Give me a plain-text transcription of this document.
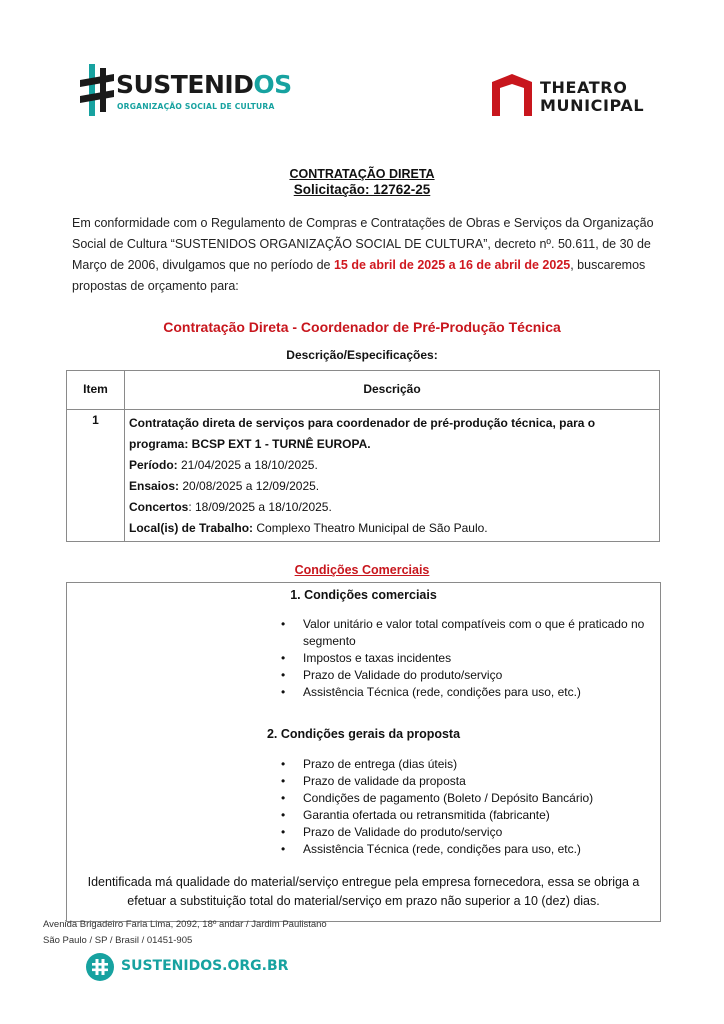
SUSTENIDOS
ORGANIZAÇÃO SOCIAL DE CULTURA
THEATRO
MUNICIPAL
CONTRATAÇÃO DIRETA
Solicitação: 12762-25
Em conformidade com o Regulamento de Compras e Contratações de Obras e Serviços da Organização Social de Cultura “SUSTENIDOS ORGANIZAÇÃO SOCIAL DE CULTURA”, decreto nº. 50.611, de 30 de Março de 2006, divulgamos que no período de 15 de abril de 2025 a 16 de abril de 2025, buscaremos propostas de orçamento para:
Contratação Direta - Coordenador de Pré-Produção Técnica
Descrição/Especificações:
Item	Descrição
1	Contratação direta de serviços para coordenador de pré-produção técnica, para o programa: BCSP EXT 1 - TURNÊ EUROPA.
Período: 21/04/2025 a 18/10/2025.
Ensaios: 20/08/2025 a 12/09/2025.
Concertos: 18/09/2025 a 18/10/2025.
Local(is) de Trabalho: Complexo Theatro Municipal de São Paulo.
Condições Comerciais
1. Condições comerciais
• Valor unitário e valor total compatíveis com o que é praticado no segmento
• Impostos e taxas incidentes
• Prazo de Validade do produto/serviço
• Assistência Técnica (rede, condições para uso, etc.)
2. Condições gerais da proposta
• Prazo de entrega (dias úteis)
• Prazo de validade da proposta
• Condições de pagamento (Boleto / Depósito Bancário)
• Garantia ofertada ou retransmitida (fabricante)
• Prazo de Validade do produto/serviço
• Assistência Técnica (rede, condições para uso, etc.)
Identificada má qualidade do material/serviço entregue pela empresa fornecedora, essa se obriga a efetuar a substituição total do material/serviço em prazo não superior a 10 (dez) dias.
Avenida Brigadeiro Faria Lima, 2092, 18º andar / Jardim Paulistano
São Paulo / SP / Brasil / 01451-905
SUSTENIDOS.ORG.BR
